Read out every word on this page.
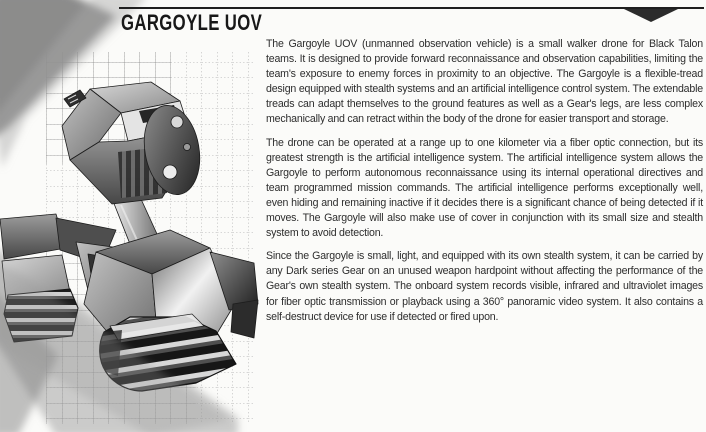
GARGOYLE UOV

The Gargoyle UOV (unmanned observation vehicle) is a small walker drone for Black Talon teams. It is designed to provide forward reconnaissance and observation capabilities, limiting the team's exposure to enemy forces in proximity to an objective. The Gargoyle is a flexible-tread design equipped with stealth systems and an artificial intelligence control system. The extendable treads can adapt themselves to the ground features as well as a Gear's legs, are less complex mechanically and can retract within the body of the drone for easier transport and storage.

The drone can be operated at a range up to one kilometer via a fiber optic connection, but its greatest strength is the artificial intelligence system. The artificial intelligence system allows the Gargoyle to perform autonomous reconnaissance using its internal operational directives and team programmed mission commands. The artificial intelligence performs exceptionally well, even hiding and remaining inactive if it decides there is a significant chance of being detected if it moves. The Gargoyle will also make use of cover in conjunction with its small size and stealth system to avoid detection.

Since the Gargoyle is small, light, and equipped with its own stealth system, it can be carried by any Dark series Gear on an unused weapon hardpoint without affecting the performance of the Gear's own stealth system. The onboard system records visible, infrared and ultraviolet images for fiber optic transmission or playback using a 360° panoramic video system. It also contains a self-destruct device for use if detected or fired upon.
